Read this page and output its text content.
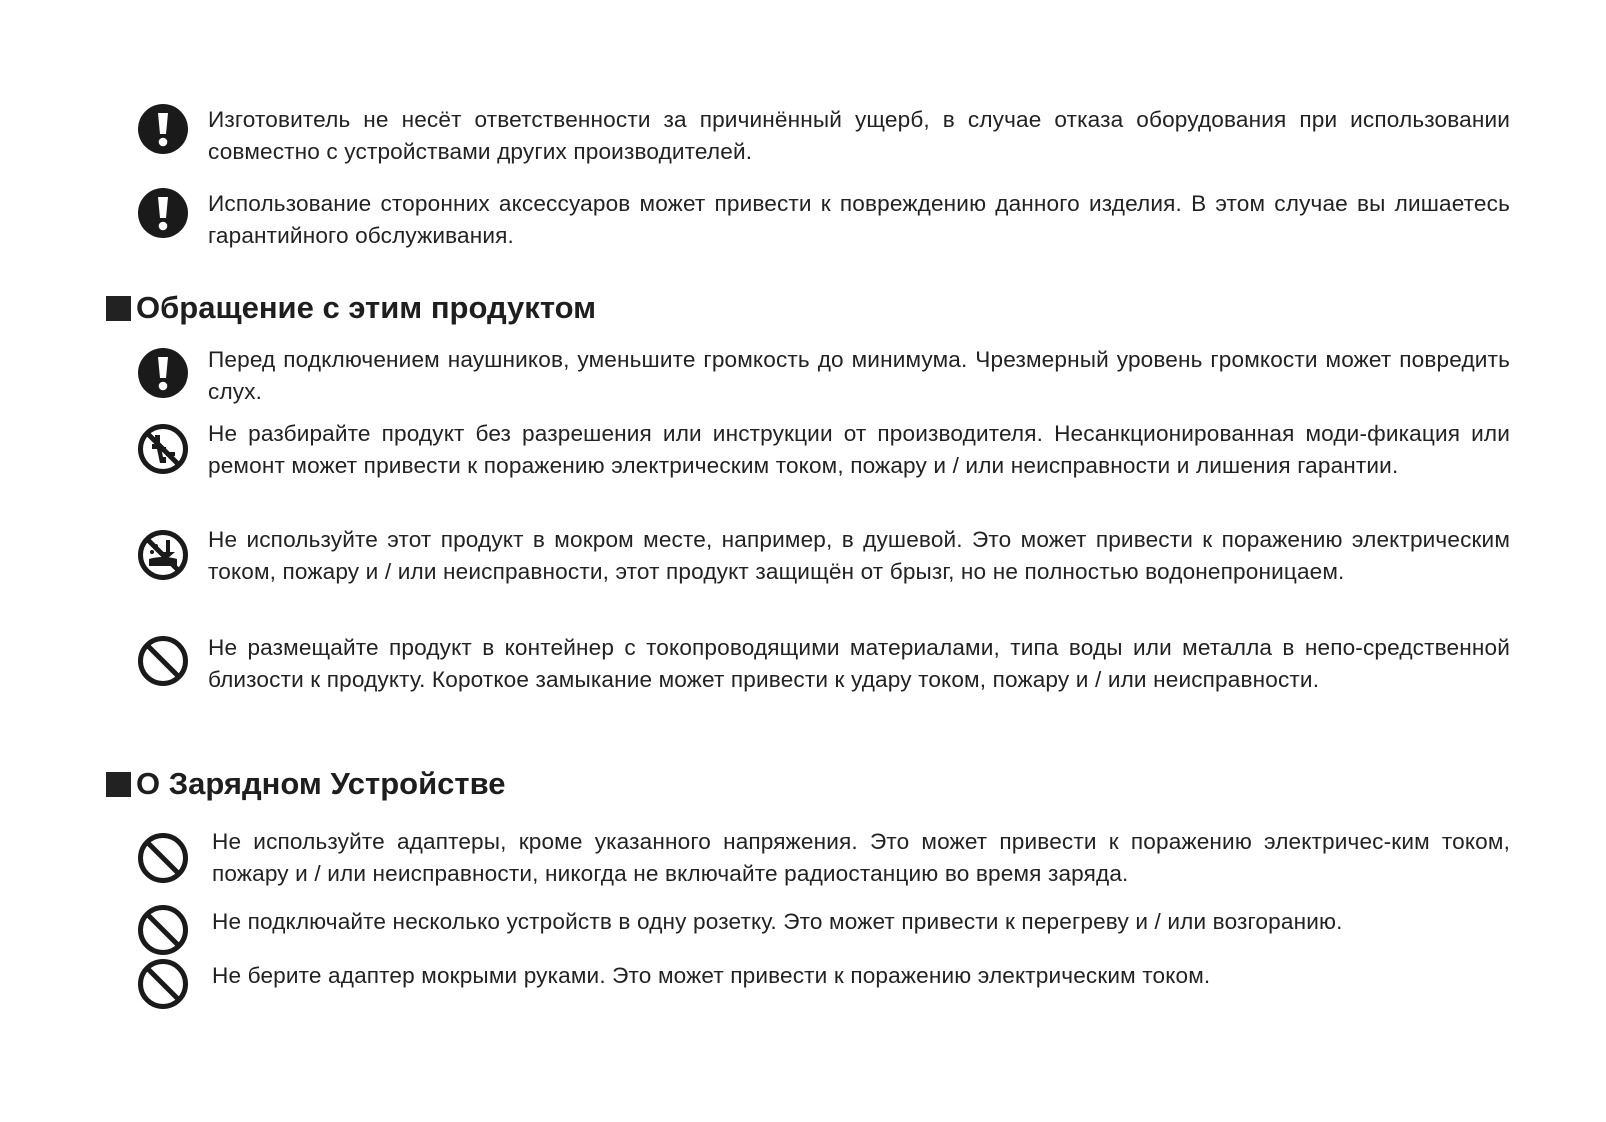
Изготовитель не несёт ответственности за причинённый ущерб, в случае отказа оборудования при использовании совместно с устройствами других производителей.
Использование сторонних аксессуаров может привести к повреждению данного изделия. В этом случае вы лишаетесь гарантийного обслуживания.
Обращение с этим продуктом
Перед подключением наушников, уменьшите громкость до минимума. Чрезмерный уровень громкости может повредить слух.
Не разбирайте продукт без разрешения или инструкции от производителя. Несанкционированная моди-фикация или ремонт может привести к поражению электрическим током, пожару и / или неисправности и лишения гарантии.
Не используйте этот продукт в мокром месте, например, в душевой. Это может привести к поражению электрическим током, пожару и / или неисправности, этот продукт защищён от брызг, но не полностью водонепроницаем.
Не размещайте продукт в контейнер с токопроводящими материалами, типа воды или металла в непо-средственной близости к продукту. Короткое замыкание может привести к удару током, пожару и / или неисправности.
О Зарядном Устройстве
Не используйте адаптеры, кроме указанного напряжения. Это может привести к поражению электричес-ким током, пожару и / или неисправности, никогда не включайте радиостанцию во время заряда.
Не подключайте несколько устройств в одну розетку. Это может привести к перегреву и / или возгоранию.
Не берите адаптер мокрыми руками. Это может привести к поражению электрическим током.
